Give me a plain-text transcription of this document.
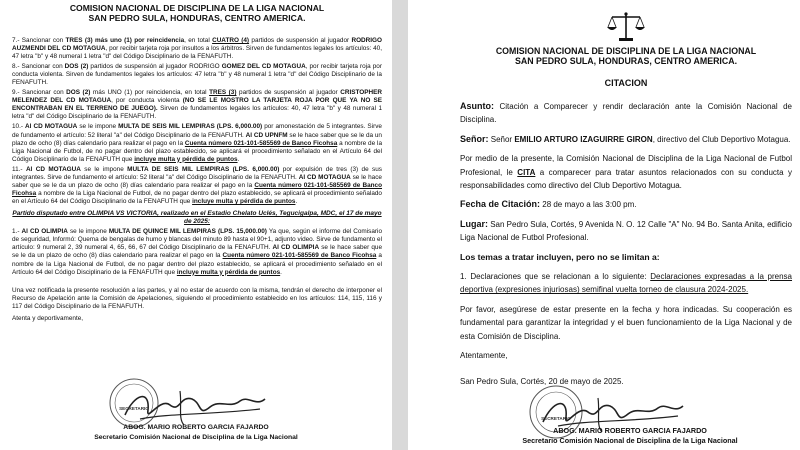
COMISION NACIONAL DE DISCIPLINA DE LA LIGA NACIONAL
SAN PEDRO SULA, HONDURAS, CENTRO AMERICA.

7.- Sancionar con TRES (3) más uno (1) por reincidencia, en total CUATRO (4) partidos de suspensión al jugador RODRIGO AUZMENDI DEL CD MOTAGUA, por recibir tarjeta roja por insultos a los árbitros. Sirven de fundamentos legales los artículos: 40, 47 letra "b" y 48 numeral 1 letra "d" del Código Disciplinario de la FENAFUTH.

8.- Sancionar con DOS (2) partidos de suspensión al jugador RODRIGO GOMEZ DEL CD MOTAGUA, por recibir tarjeta roja por conducta violenta. Sirven de fundamentos legales los artículos: 47 letra "b" y 48 numeral 1 letra "d" del Código Disciplinario de la FENAFUTH.

9.- Sancionar con DOS (2) más UNO (1) por reincidencia, en total TRES (3) partidos de suspensión al jugador CRISTOPHER MELENDEZ DEL CD MOTAGUA, por conducta violenta (NO SE LE MOSTRO LA TARJETA ROJA POR QUE YA NO SE ENCONTRABAN EN EL TERRENO DE JUEGO). Sirven de fundamentos legales los artículos: 40, 47 letra "b" y 48 numeral 1 letra "d" del Código Disciplinario de la FENAFUTH.

10.- Al CD MOTAGUA se le impone MULTA DE SEIS MIL LEMPIRAS (LPS. 6,000.00) por amonestación de 5 integrantes. Sirve de fundamento el artículo: 52 literal "a" del Código Disciplinario de la FENAFUTH. Al CD UPNFM se le hace saber que se le da un plazo de ocho (8) días calendario para realizar el pago en la Cuenta número 021-101-585569 de Banco Ficohsa a nombre de la Liga Nacional de Futbol, de no pagar dentro del plazo establecido, se aplicará el procedimiento señalado en el Artículo 64 del Código Disciplinario de la FENAFUTH que incluye multa y pérdida de puntos.

11.- Al CD MOTAGUA se le impone MULTA DE SEIS MIL LEMPIRAS (LPS. 6,000.00) por expulsión de tres (3) de sus integrantes. Sirve de fundamento el artículo: 52 literal "a" del Código Disciplinario de la FENAFUTH. Al CD MOTAGUA se le hace saber que se le da un plazo de ocho (8) días calendario para realizar el pago en la Cuenta número 021-101-585569 de Banco Ficohsa a nombre de la Liga Nacional de Futbol, de no pagar dentro del plazo establecido, se aplicará el procedimiento señalado en el Artículo 64 del Código Disciplinario de la FENAFUTH que incluye multa y pérdida de puntos.

Partido disputado entre OLIMPIA VS VICTORIA, realizado en el Estadio Chelato Uclés, Tegucigalpa, MDC, el 17 de mayo de 2025:

1.- Al CD OLIMPIA se le impone MULTA DE QUINCE MIL LEMPIRAS (LPS. 15,000.00) Ya que, según el informe del Comisario de seguridad, Informó: Quema de bengalas de humo y blancas del minuto 89 hasta el 90+1, adjunto video. Sirve de fundamento el artículo: 9 numeral 2, 39 numeral 4, 65, 66, 67 del Código Disciplinario de la FENAFUTH. Al CD OLIMPIA se le hace saber que se le da un plazo de ocho (8) días calendario para realizar el pago en la Cuenta número 021-101-585569 de Banco Ficohsa a nombre de la Liga Nacional de Futbol, de no pagar dentro del plazo establecido, se aplicará el procedimiento señalado en el Artículo 64 del Código Disciplinario de la FENAFUTH que incluye multa y pérdida de puntos.

Una vez notificada la presente resolución a las partes, y al no estar de acuerdo con la misma, tendrán el derecho de interponer el Recurso de Apelación ante la Comisión de Apelaciones, siguiendo el procedimiento establecido en los artículos: 114, 115, 116 y 117 del Código Disciplinario de la FENAFUTH.

Atenta y deportivamente,

SECRETARIO
ABOG. MARIO ROBERTO GARCIA FAJARDO
Secretario Comisión Nacional de Disciplina de la Liga Nacional
COMISION NACIONAL DE DISCIPLINA DE LA LIGA NACIONAL
SAN PEDRO SULA, HONDURAS, CENTRO AMERICA.
CITACION

Asunto: Citación a Comparecer y rendir declaración ante la Comisión Nacional de Disciplina.

Señor: Señor EMILIO ARTURO IZAGUIRRE GIRON, directivo del Club Deportivo Motagua.

Por medio de la presente, la Comisión Nacional de Disciplina de la Liga Nacional de Futbol Profesional, le CITA a comparecer para tratar asuntos relacionados con su conducta y responsabilidades como directivo del Club Deportivo Motagua.

Fecha de Citación: 28 de mayo a las 3:00 pm.

Lugar: San Pedro Sula, Cortés, 9 Avenida N. O. 12 Calle "A" No. 94 Bo. Santa Anita, edificio Liga Nacional de Futbol Profesional.

Los temas a tratar incluyen, pero no se limitan a:

1. Declaraciones que se relacionan a lo siguiente: Declaraciones expresadas a la prensa deportiva (expresiones injuriosas) semifinal vuelta torneo de clausura 2024-2025.

Por favor, asegúrese de estar presente en la fecha y hora indicadas. Su cooperación es fundamental para garantizar la integridad y el buen funcionamiento de la Liga Nacional y de esta Comisión de Disciplina.

Atentamente,

San Pedro Sula, Cortés, 20 de mayo de 2025.

SECRETARIO
ABOG. MARIO ROBERTO GARCIA FAJARDO
Secretario Comisión Nacional de Disciplina de la Liga Nacional
